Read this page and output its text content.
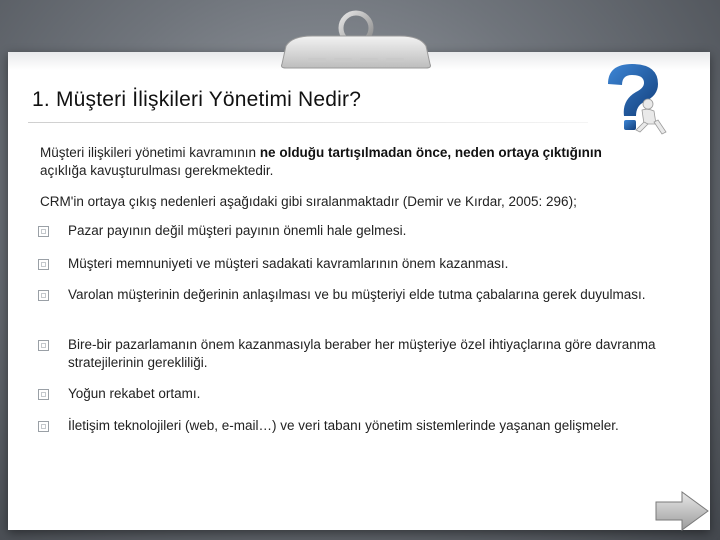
1. Müşteri İlişkileri Yönetimi Nedir?

Müşteri ilişkileri yönetimi kavramının ne olduğu tartışılmadan önce, neden ortaya çıktığının
açıklığa kavuşturulması gerekmektedir.

CRM'in ortaya çıkış nedenleri aşağıdaki gibi sıralanmaktadır (Demir ve Kırdar, 2005: 296);

Pazar payının değil müşteri payının önemli hale gelmesi.
Müşteri memnuniyeti ve müşteri sadakati kavramlarının önem kazanması.
Varolan müşterinin değerinin anlaşılması ve bu müşteriyi elde tutma çabalarına gerek duyulması.
Bire-bir pazarlamanın önem kazanmasıyla beraber her müşteriye özel ihtiyaçlarına göre davranma stratejilerinin gerekliliği.
Yoğun rekabet ortamı.
İletişim teknolojileri (web, e-mail…) ve veri tabanı yönetim sistemlerinde yaşanan gelişmeler.
